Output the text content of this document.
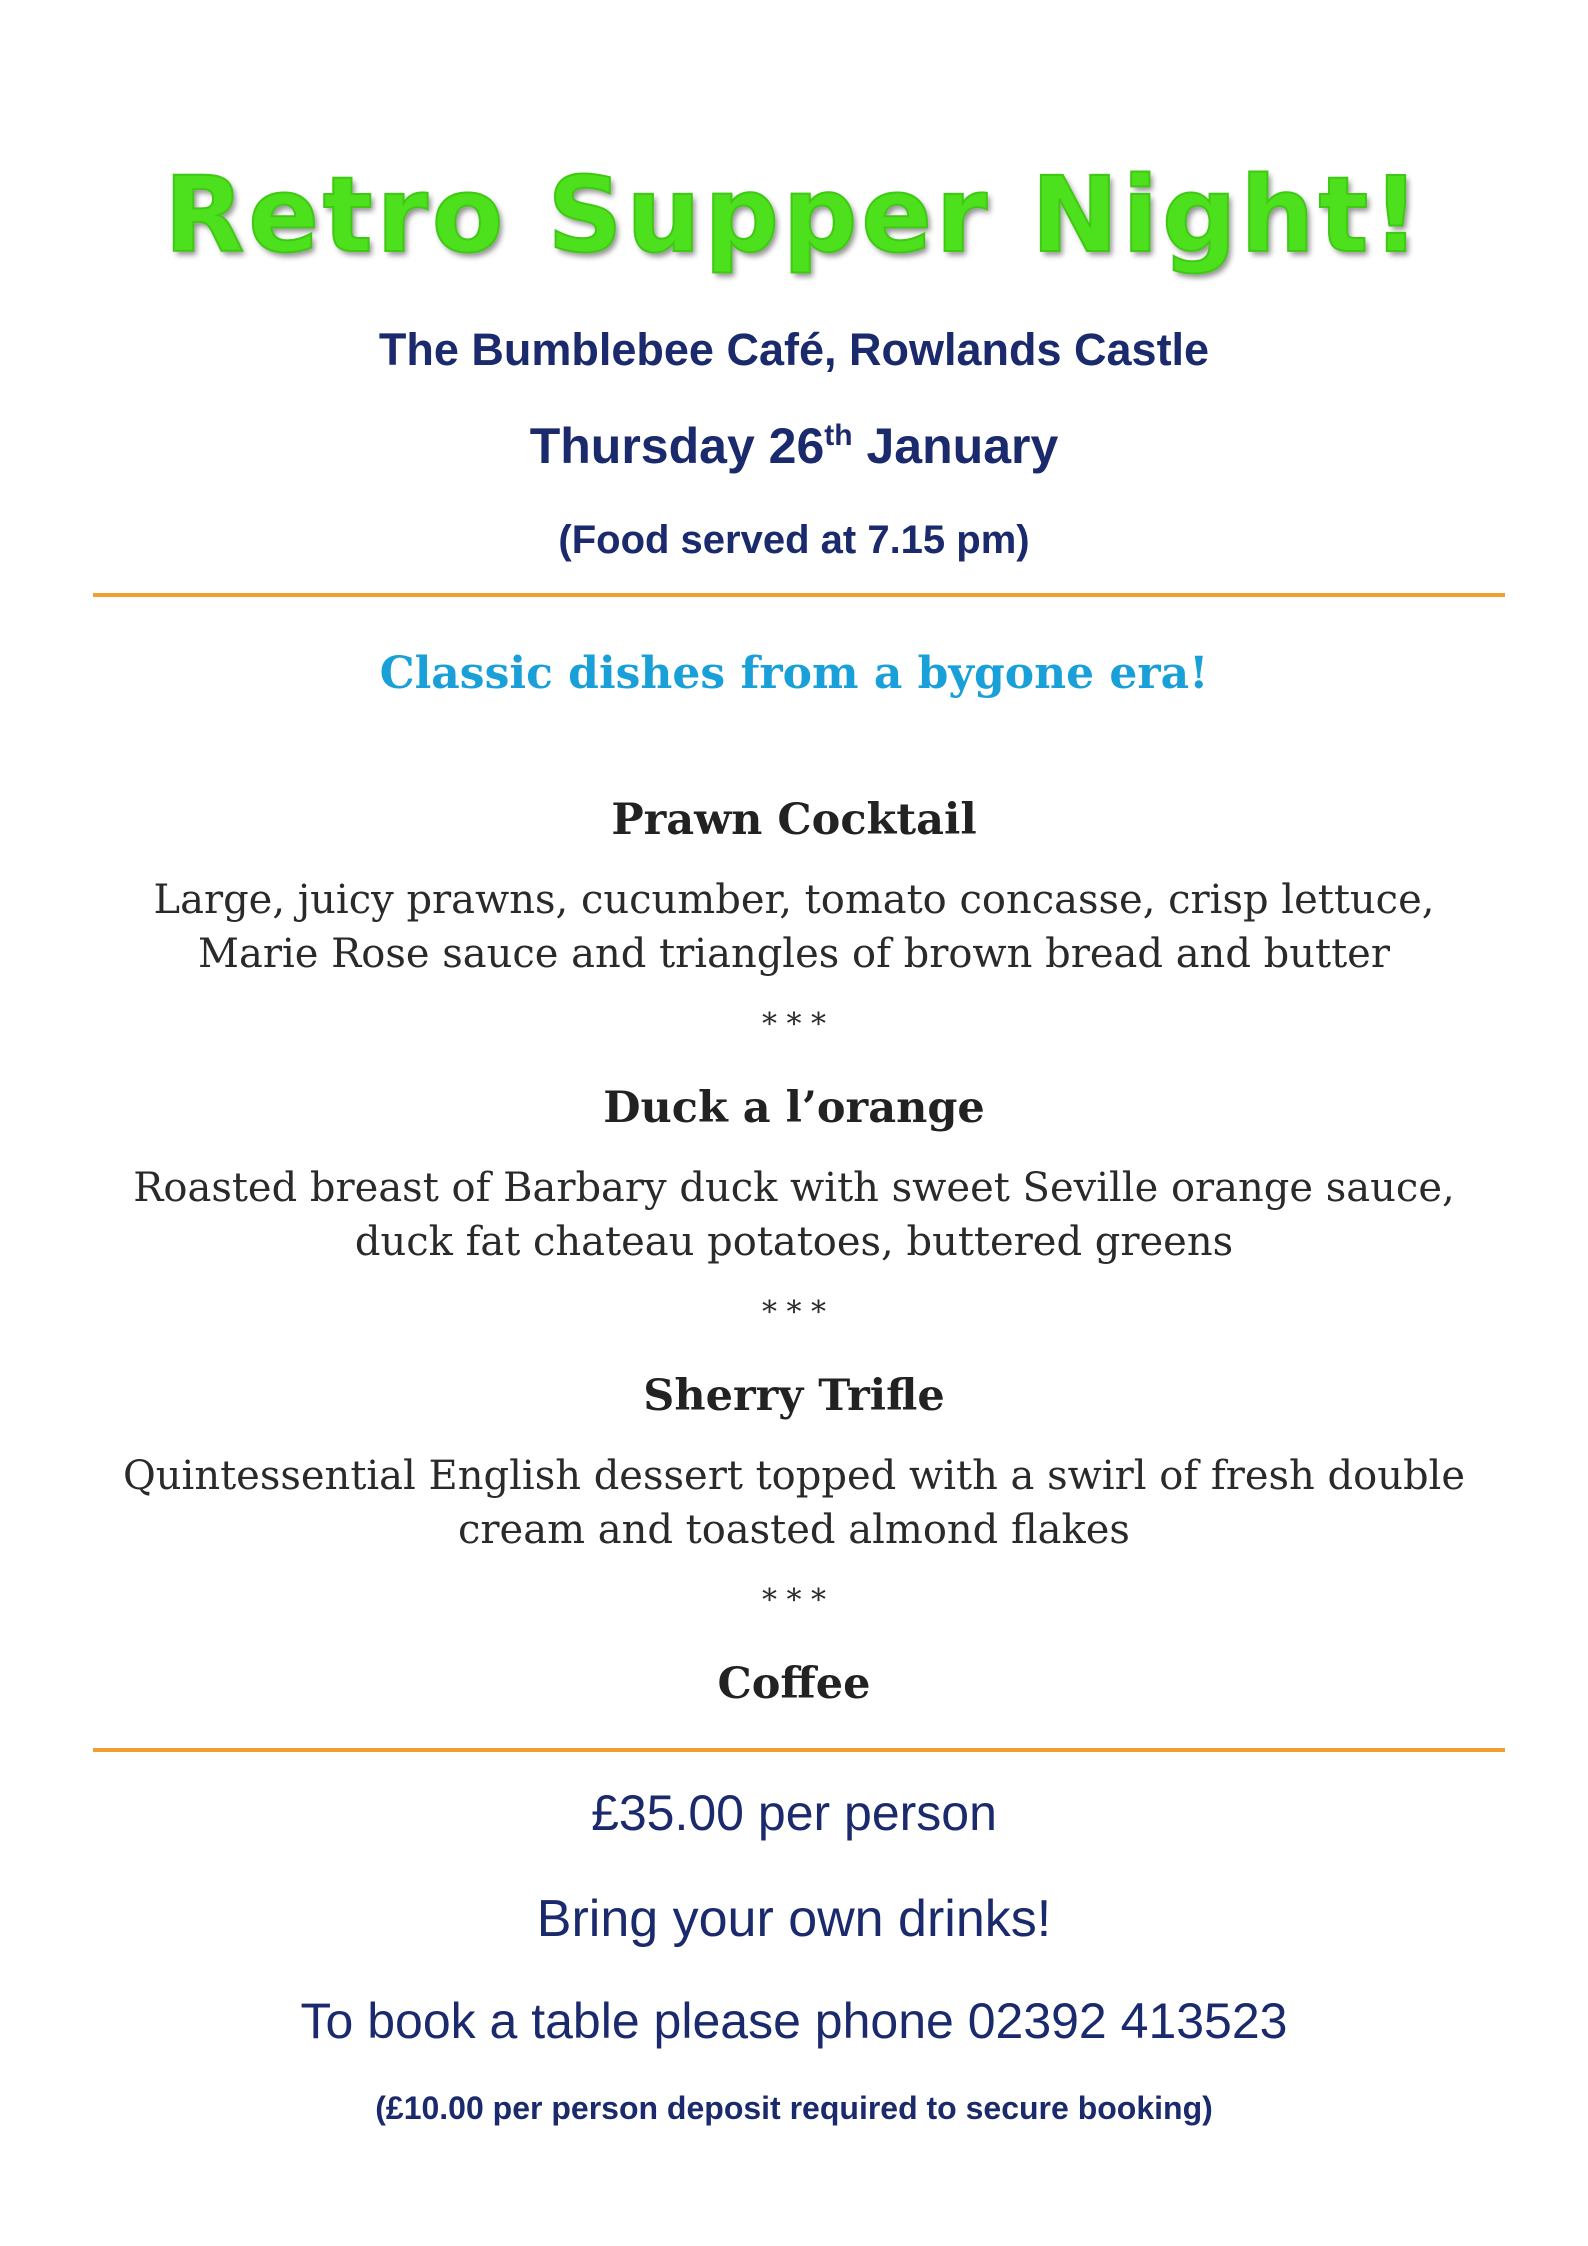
Retro Supper Night!

The Bumblebee Café, Rowlands Castle

Thursday 26th January

(Food served at 7.15 pm)

Classic dishes from a bygone era!

Prawn Cocktail

Large, juicy prawns, cucumber, tomato concasse, crisp lettuce,

Marie Rose sauce and triangles of brown bread and butter

* * *

Duck a l’orange

Roasted breast of Barbary duck with sweet Seville orange sauce,

duck fat chateau potatoes, buttered greens

* * *

Sherry Trifle

Quintessential English dessert topped with a swirl of fresh double

cream and toasted almond flakes

* * *

Coffee

£35.00 per person

Bring your own drinks!

To book a table please phone 02392 413523

(£10.00 per person deposit required to secure booking)
